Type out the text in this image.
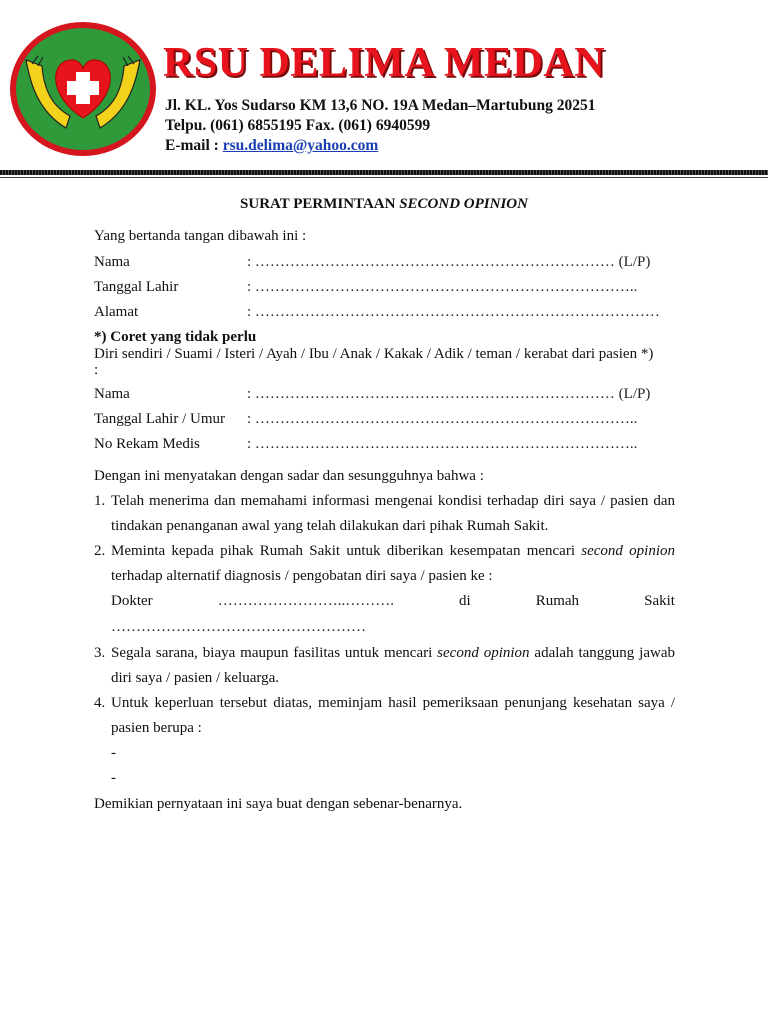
RSU DELIMA MEDAN
Jl. KL. Yos Sudarso KM 13,6 NO. 19A Medan–Martubung 20251
Telpu. (061) 6855195 Fax. (061) 6940599
E-mail : rsu.delima@yahoo.com
SURAT PERMINTAAN SECOND OPINION
Yang bertanda tangan dibawah ini :
Nama	: ……………………………………………………………… (L/P)
Tanggal Lahir	: …………………………………………………………………..
Alamat	: ………………………………………………………………………
*) Coret yang tidak perlu
Diri sendiri / Suami / Isteri / Ayah / Ibu / Anak / Kakak / Adik / teman / kerabat dari pasien *)
:
Nama	: ……………………………………………………………… (L/P)
Tanggal Lahir / Umur : …………………………………………………………………..
No Rekam Medis	: …………………………………………………………………..
Dengan ini menyatakan dengan sadar dan sesungguhnya bahwa :
1. Telah menerima dan memahami informasi mengenai kondisi terhadap diri saya / pasien dan tindakan penanganan awal yang telah dilakukan dari pihak Rumah Sakit.
2. Meminta kepada pihak Rumah Sakit untuk diberikan kesempatan mencari second opinion terhadap alternatif diagnosis / pengobatan diri saya / pasien ke :
Dokter	……………………..……….	di	Rumah	Sakit
……………………………………………
3. Segala sarana, biaya maupun fasilitas untuk mencari second opinion adalah tanggung jawab diri saya / pasien / keluarga.
4. Untuk keperluan tersebut diatas, meminjam hasil pemeriksaan penunjang kesehatan saya / pasien berupa :
-
-
Demikian pernyataan ini saya buat dengan sebenar-benarnya.
